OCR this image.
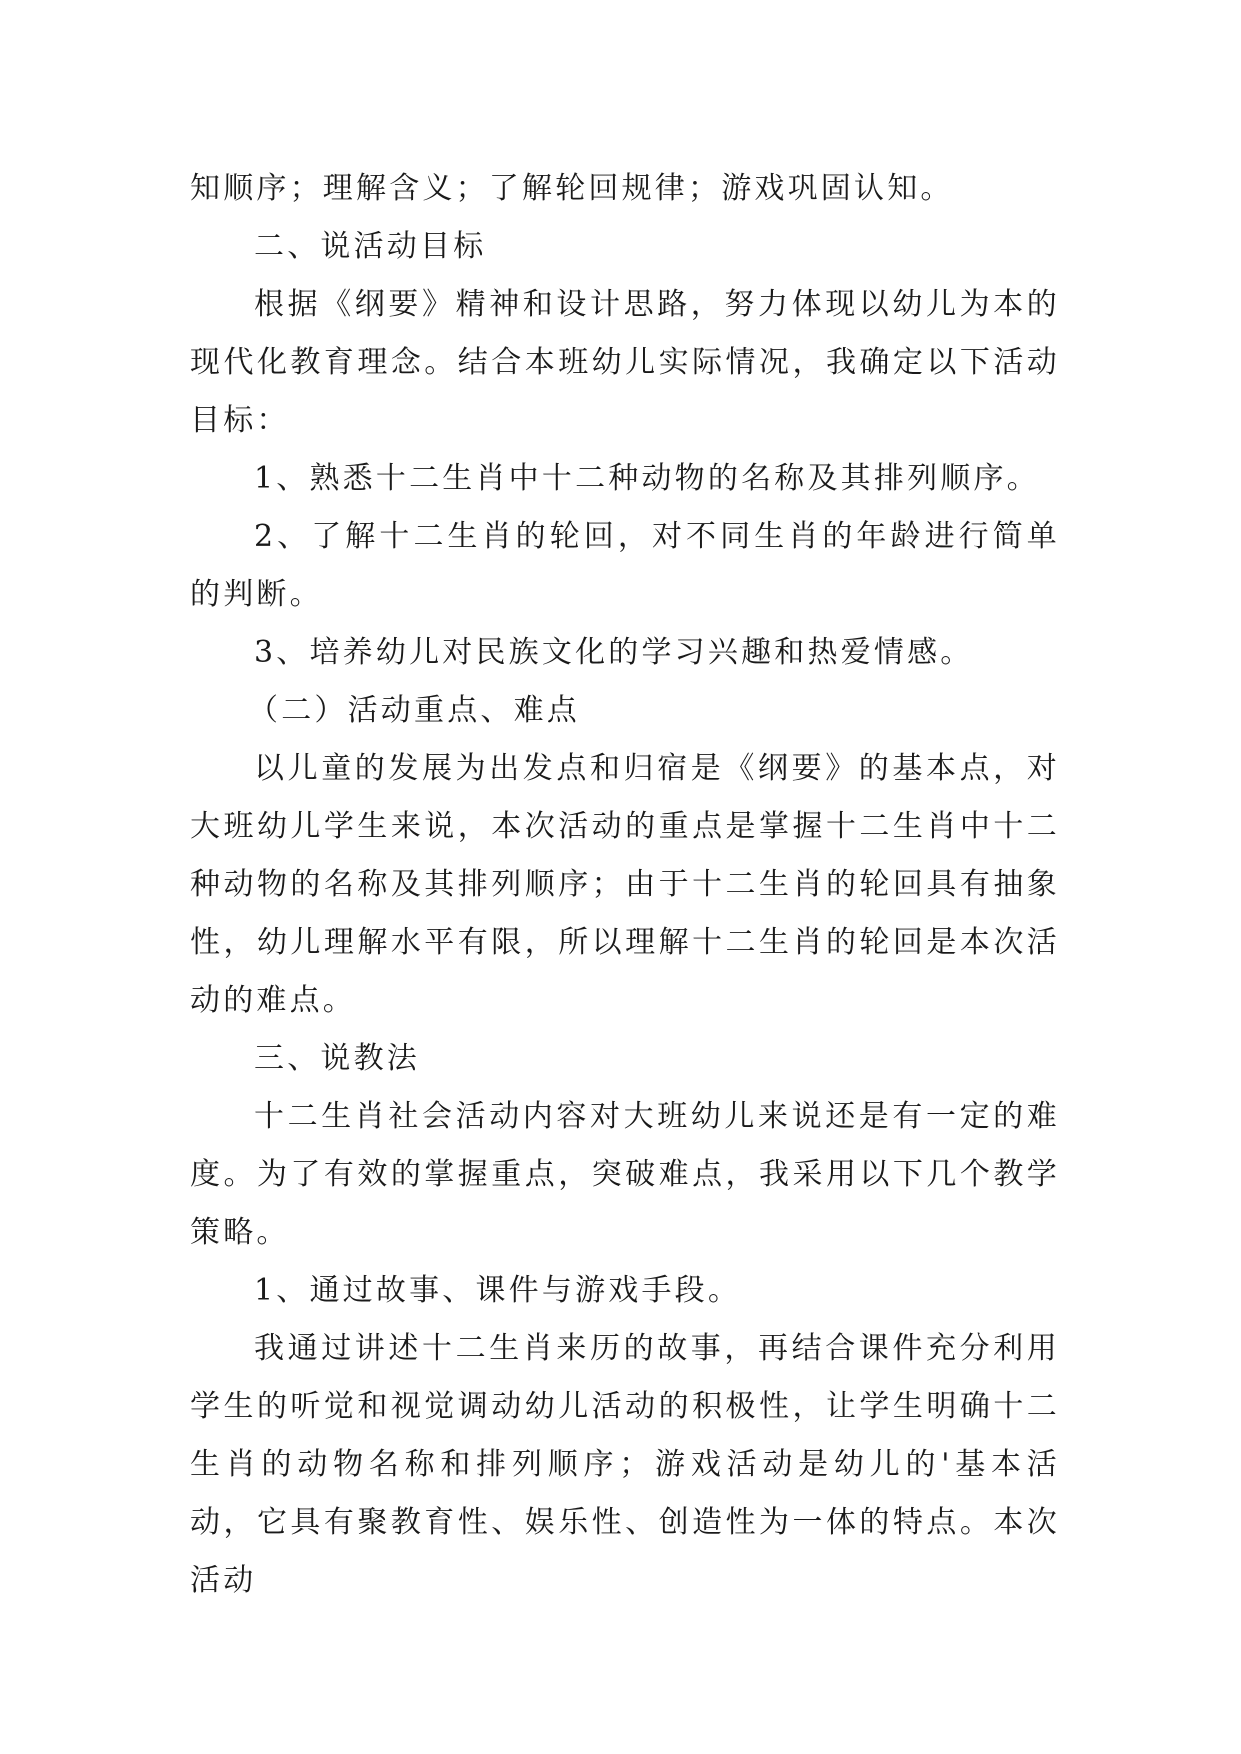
知顺序；理解含义；了解轮回规律；游戏巩固认知。

二、说活动目标

根据《纲要》精神和设计思路，努力体现以幼儿为本的现代化教育理念。结合本班幼儿实际情况，我确定以下活动目标：

1、熟悉十二生肖中十二种动物的名称及其排列顺序。

2、了解十二生肖的轮回，对不同生肖的年龄进行简单的判断。

3、培养幼儿对民族文化的学习兴趣和热爱情感。

（二）活动重点、难点

以儿童的发展为出发点和归宿是《纲要》的基本点，对大班幼儿学生来说，本次活动的重点是掌握十二生肖中十二种动物的名称及其排列顺序；由于十二生肖的轮回具有抽象性，幼儿理解水平有限，所以理解十二生肖的轮回是本次活动的难点。

三、说教法

十二生肖社会活动内容对大班幼儿来说还是有一定的难度。为了有效的掌握重点，突破难点，我采用以下几个教学策略。

1、通过故事、课件与游戏手段。

我通过讲述十二生肖来历的故事，再结合课件充分利用学生的听觉和视觉调动幼儿活动的积极性，让学生明确十二生肖的动物名称和排列顺序；游戏活动是幼儿的'基本活动，它具有聚教育性、娱乐性、创造性为一体的特点。本次活动
